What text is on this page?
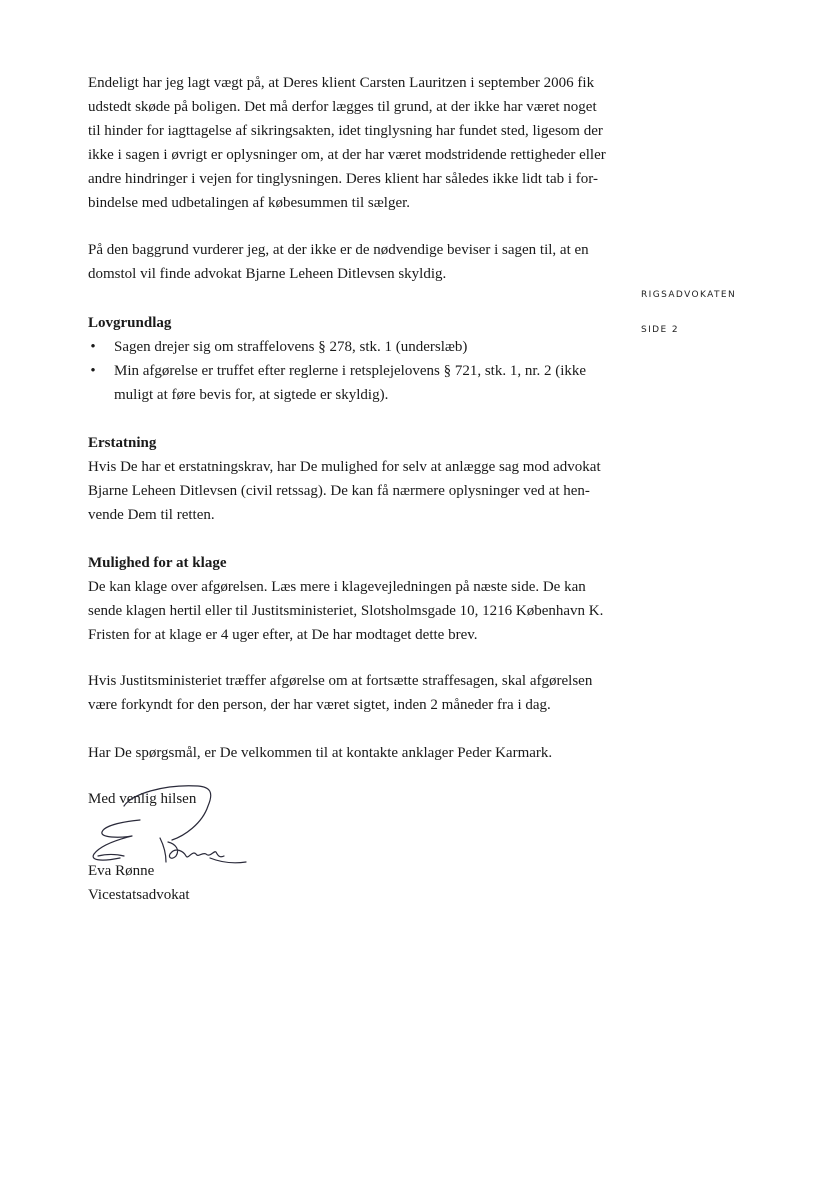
Endeligt har jeg lagt vægt på, at Deres klient Carsten Lauritzen i september 2006 fik
udstedt skøde på boligen. Det må derfor lægges til grund, at der ikke har været noget
til hinder for iagttagelse af sikringsakten, idet tinglysning har fundet sted, ligesom der
ikke i sagen i øvrigt er oplysninger om, at der har været modstridende rettigheder eller
andre hindringer i vejen for tinglysningen. Deres klient har således ikke lidt tab i for-
bindelse med udbetalingen af købesummen til sælger.

På den baggrund vurderer jeg, at der ikke er de nødvendige beviser i sagen til, at en
domstol vil finde advokat Bjarne Leheen Ditlevsen skyldig.

Lovgrundlag
• Sagen drejer sig om straffelovens § 278, stk. 1 (underslæb)
• Min afgørelse er truffet efter reglerne i retsplejelovens § 721, stk. 1, nr. 2 (ikke
muligt at føre bevis for, at sigtede er skyldig).
Erstatning

Hvis De har et erstatningskrav, har De mulighed for selv at anlægge sag mod advokat
Bjarne Leheen Ditlevsen (civil retssag). De kan få nærmere oplysninger ved at hen-
vende Dem til retten.

Mulighed for at klage

De kan klage over afgørelsen. Læs mere i klagevejledningen på næste side. De kan
sende klagen hertil eller til Justitsministeriet, Slotsholmsgade 10, 1216 København K.
Fristen for at klage er 4 uger efter, at De har modtaget dette brev.

Hvis Justitsministeriet træffer afgørelse om at fortsætte straffesagen, skal afgørelsen
være forkyndt for den person, der har været sigtet, inden 2 måneder fra i dag.

Har De spørgsmål, er De velkommen til at kontakte anklager Peder Karmark.

RIGSADVOKATEN
SIDE 2
Med venlig hilsen
Eva Rønne
Vicestatsadvokat
